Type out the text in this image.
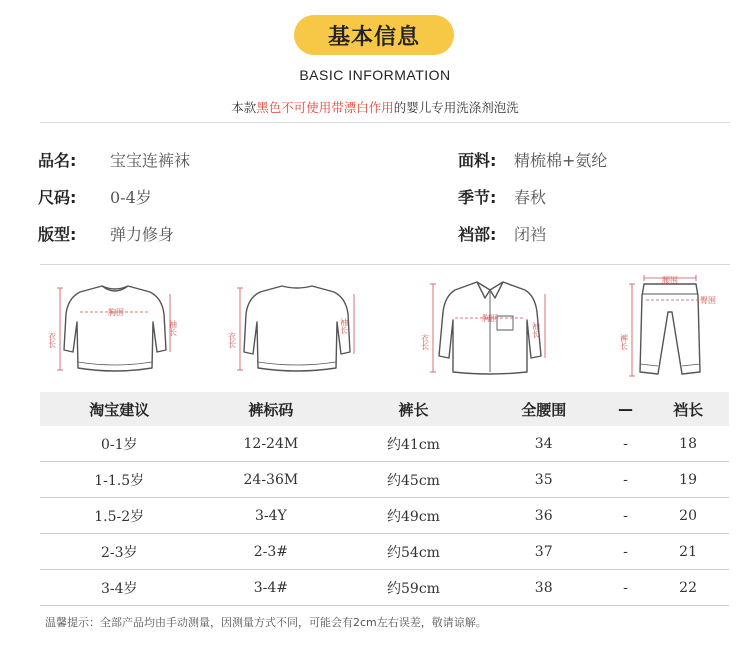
基本信息
BASIC INFORMATION
本款黑色不可使用带漂白作用的婴儿专用洗涤剂泡洗
品名: 宝宝连裤袜
尺码: 0-4岁
版型: 弹力修身
面料: 精梳棉+氨纶
季节: 春秋
裆部: 闭裆
胸围
衣长
袖长
衣长
袖长	胸围
衣长
袖长
腰围
臀围
裤长
淘宝建议	裤标码	裤长	全腰围	—	裆长
0-1岁	12-24M	约41cm	34	-	18
1-1.5岁	24-36M	约45cm	35	-	19
1.5-2岁	3-4Y	约49cm	36	-	20
2-3岁	2-3#	约54cm	37	-	21
3-4岁	3-4#	约59cm	38	-	22
温馨提示：全部产品均由手动测量，因测量方式不同，可能会有2cm左右误差，敬请谅解。
